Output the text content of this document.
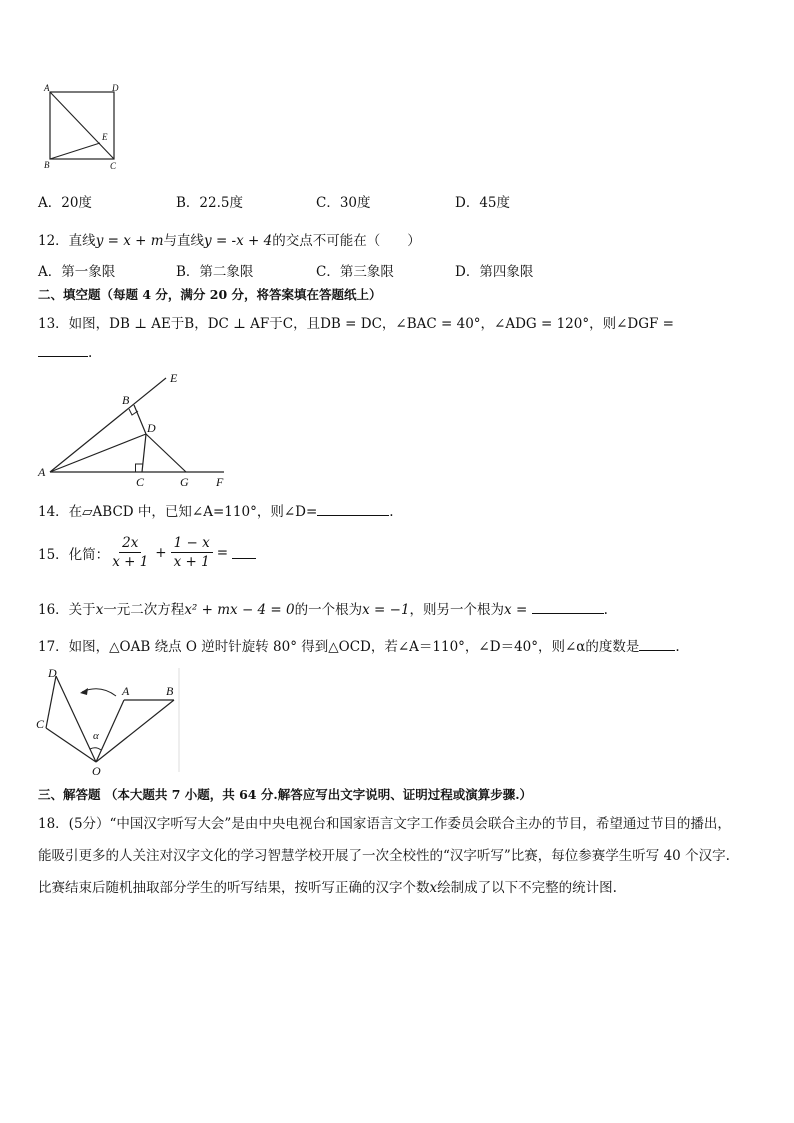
A	D
B	C
E
A．20度	B．22.5度	C．30度	D．45度
12．直线y = x + m与直线y = -x + 4的交点不可能在（　　）
A．第一象限	B．第二象限	C．第三象限	D．第四象限
二、填空题（每题 4 分，满分 20 分，将答案填在答题纸上）
13．如图，DB ⊥ AE于B，DC ⊥ AF于C，且DB = DC，∠BAC = 40°，∠ADG = 120°，则∠DGF =
.
A
B
D
E
C	G F
14．在▱ABCD 中，已知∠A=110°，则∠D=	.
15．化简： $\frac{2x}{x + 1} + \frac{1 - x}{x + 1}$ =
16．关于x一元二次方程x² + mx − 4 = 0的一个根为x = −1，则另一个根为x =	.
17．如图，△OAB 绕点 O 逆时针旋转 80° 得到△OCD，若∠A＝110°，∠D＝40°，则∠α的度数是	.
D
C
A	B
O
α
三、解答题 （本大题共 7 小题，共 64 分.解答应写出文字说明、证明过程或演算步骤.）
18．(5分）“中国汉字听写大会”是由中央电视台和国家语言文字工作委员会联合主办的节目，希望通过节目的播出，
能吸引更多的人关注对汉字文化的学习智慧学校开展了一次全校性的“汉字听写”比赛，每位参赛学生听写 40 个汉字.
比赛结束后随机抽取部分学生的听写结果，按听写正确的汉字个数x绘制成了以下不完整的统计图.
